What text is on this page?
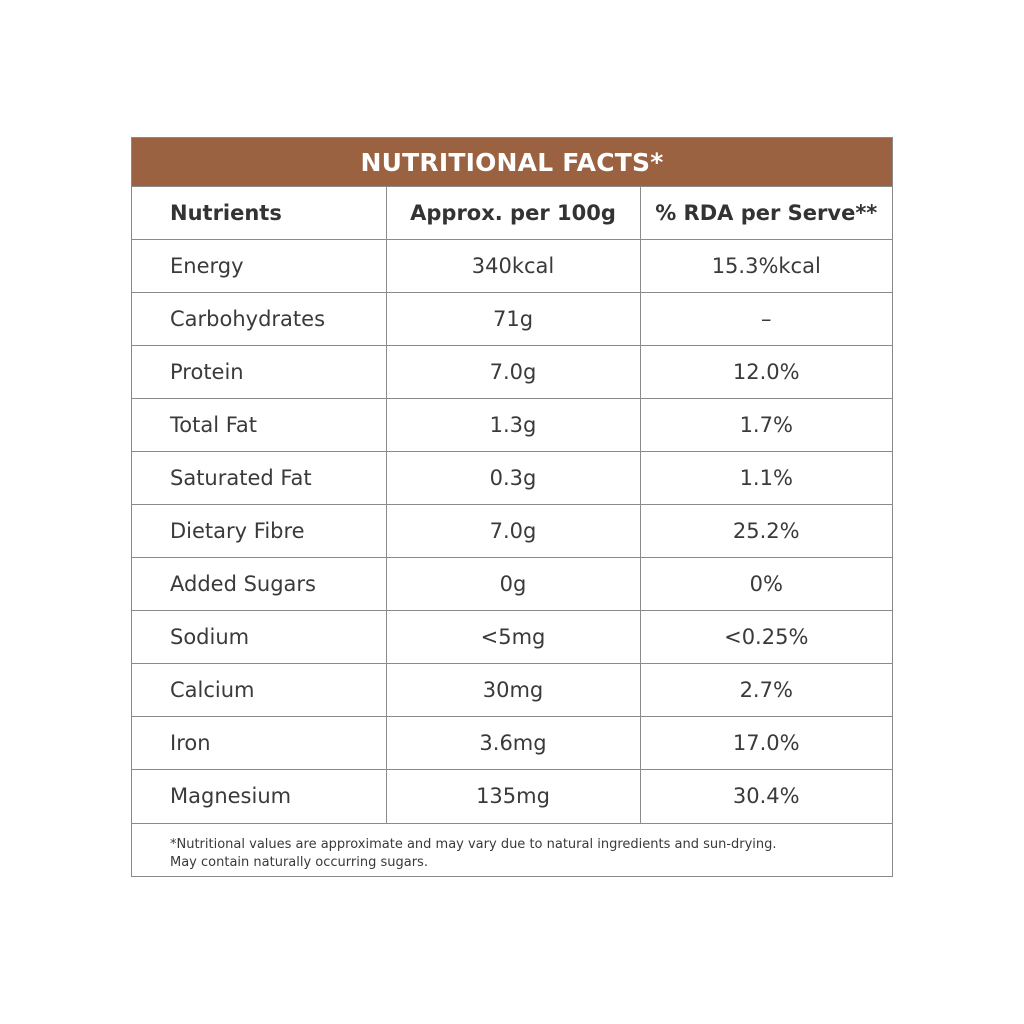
NUTRITIONAL FACTS*
Nutrients	Approx. per 100g	% RDA per Serve**
Energy	340kcal	15.3%kcal
Carbohydrates	71g	–
Protein	7.0g	12.0%
Total Fat	1.3g	1.7%
Saturated Fat	0.3g	1.1%
Dietary Fibre	7.0g	25.2%
Added Sugars	0g	0%
Sodium	<5mg	<0.25%
Calcium	30mg	2.7%
Iron	3.6mg	17.0%
Magnesium	135mg	30.4%
*Nutritional values are approximate and may vary due to natural ingredients and sun-drying.
May contain naturally occurring sugars.
